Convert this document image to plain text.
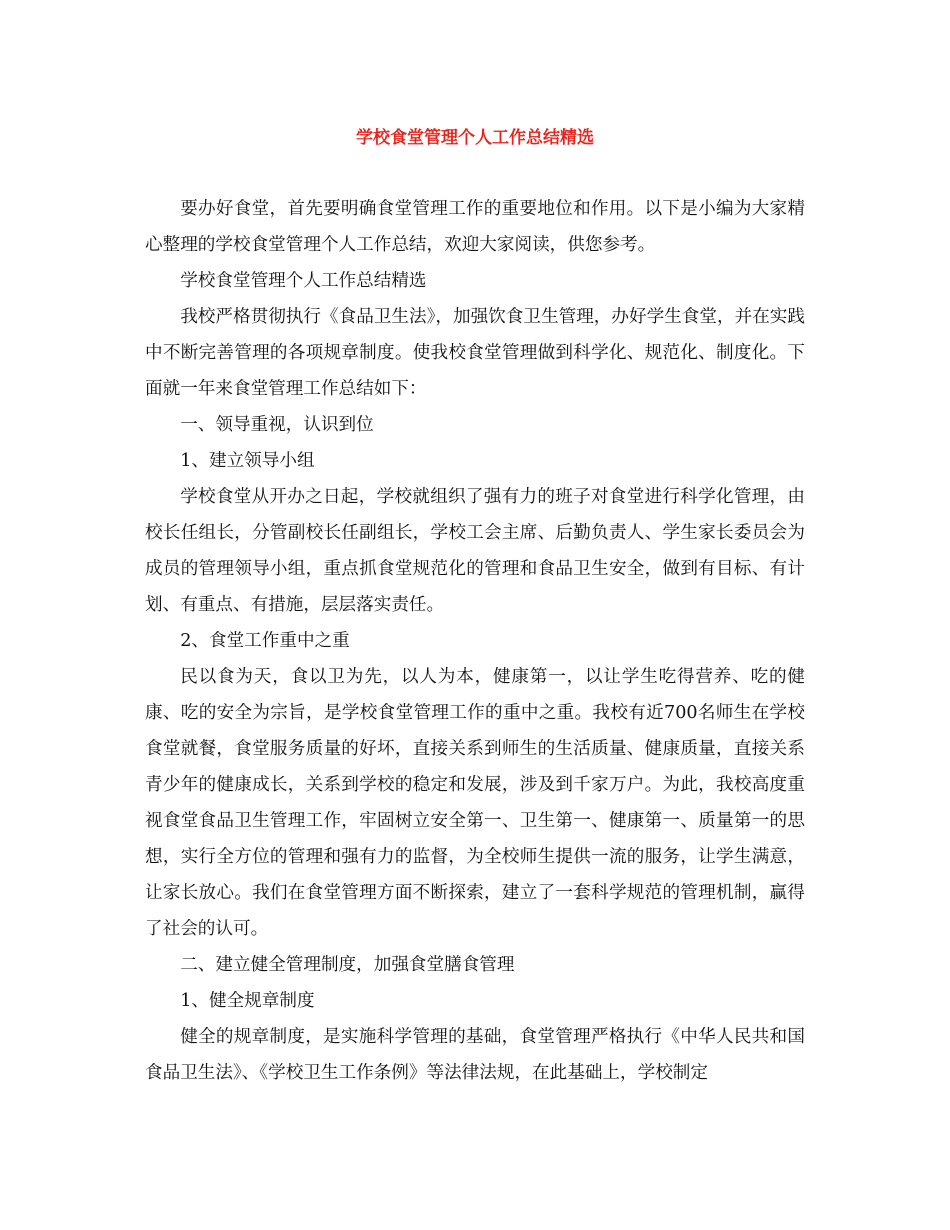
学校食堂管理个人工作总结精选

要办好食堂，首先要明确食堂管理工作的重要地位和作用。以下是小编为大家精心整理的学校食堂管理个人工作总结，欢迎大家阅读，供您参考。

学校食堂管理个人工作总结精选

我校严格贯彻执行《食品卫生法》，加强饮食卫生管理，办好学生食堂，并在实践中不断完善管理的各项规章制度。使我校食堂管理做到科学化、规范化、制度化。下面就一年来食堂管理工作总结如下：

一、领导重视，认识到位

1、建立领导小组

学校食堂从开办之日起，学校就组织了强有力的班子对食堂进行科学化管理，由校长任组长，分管副校长任副组长，学校工会主席、后勤负责人、学生家长委员会为成员的管理领导小组，重点抓食堂规范化的管理和食品卫生安全，做到有目标、有计划、有重点、有措施，层层落实责任。

2、食堂工作重中之重

民以食为天，食以卫为先，以人为本，健康第一，以让学生吃得营养、吃的健康、吃的安全为宗旨，是学校食堂管理工作的重中之重。我校有近700名师生在学校食堂就餐，食堂服务质量的好坏，直接关系到师生的生活质量、健康质量，直接关系青少年的健康成长，关系到学校的稳定和发展，涉及到千家万户。为此，我校高度重视食堂食品卫生管理工作，牢固树立安全第一、卫生第一、健康第一、质量第一的思想，实行全方位的管理和强有力的监督，为全校师生提供一流的服务，让学生满意，让家长放心。我们在食堂管理方面不断探索，建立了一套科学规范的管理机制，赢得了社会的认可。

二、建立健全管理制度，加强食堂膳食管理

1、健全规章制度

健全的规章制度，是实施科学管理的基础，食堂管理严格执行《中华人民共和国食品卫生法》、《学校卫生工作条例》等法律法规，在此基础上，学校制定
